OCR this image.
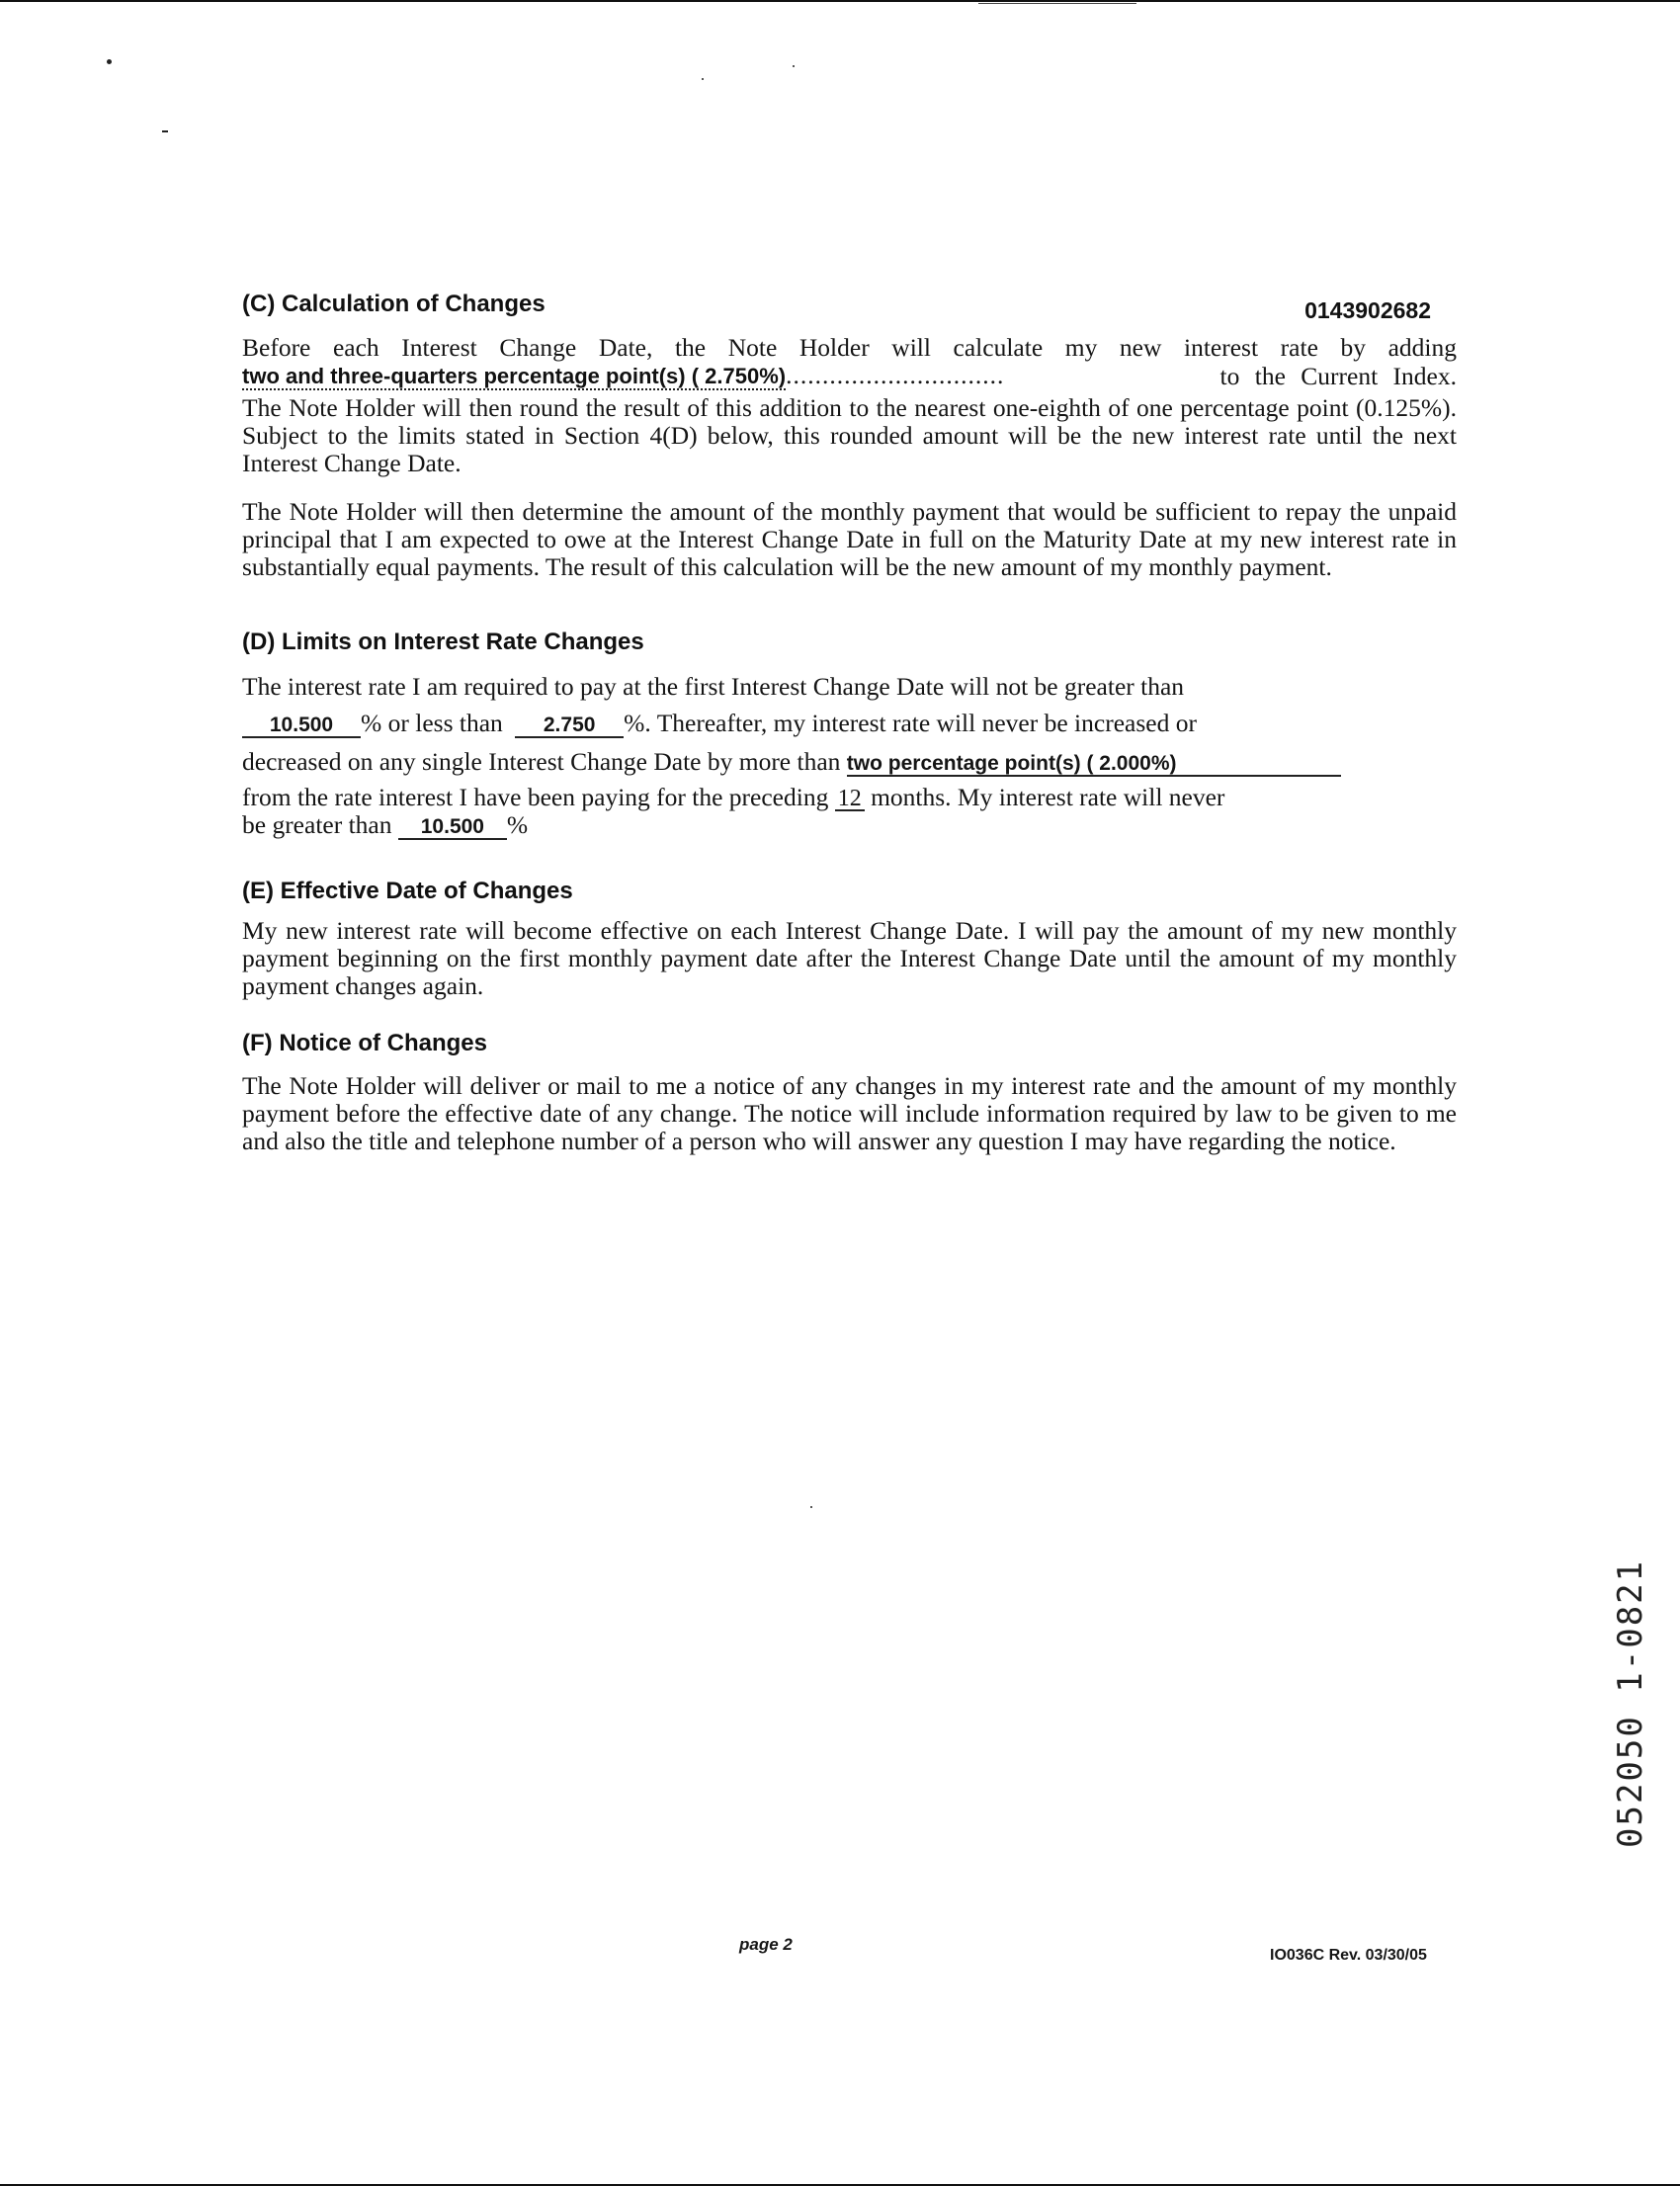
(C) Calculation of Changes	0143902682
Before each Interest Change Date, the Note Holder will calculate my new interest rate by adding
two and three-quarters percentage point(s) ( 2.750%)..............................	to the Current Index.
The Note Holder will then round the result of this addition to the nearest one-eighth of one percentage point (0.125%). Subject to the limits stated in Section 4(D) below, this rounded amount will be the new interest rate until the next Interest Change Date.
The Note Holder will then determine the amount of the monthly payment that would be sufficient to repay the unpaid principal that I am expected to owe at the Interest Change Date in full on the Maturity Date at my new interest rate in substantially equal payments. The result of this calculation will be the new amount of my monthly payment.
(D) Limits on Interest Rate Changes
The interest rate I am required to pay at the first Interest Change Date will not be greater than
10.500 % or less than 2.750 %. Thereafter, my interest rate will never be increased or
decreased on any single Interest Change Date by more than two percentage point(s) ( 2.000%)
from the rate interest I have been paying for the preceding 12 months. My interest rate will never
be greater than 10.500 %
(E) Effective Date of Changes
My new interest rate will become effective on each Interest Change Date. I will pay the amount of my new monthly payment beginning on the first monthly payment date after the Interest Change Date until the amount of my monthly payment changes again.
(F) Notice of Changes
The Note Holder will deliver or mail to me a notice of any changes in my interest rate and the amount of my monthly payment before the effective date of any change. The notice will include information required by law to be given to me and also the title and telephone number of a person who will answer any question I may have regarding the notice.
page 2
IO036C Rev. 03/30/05
052050 1-0821
